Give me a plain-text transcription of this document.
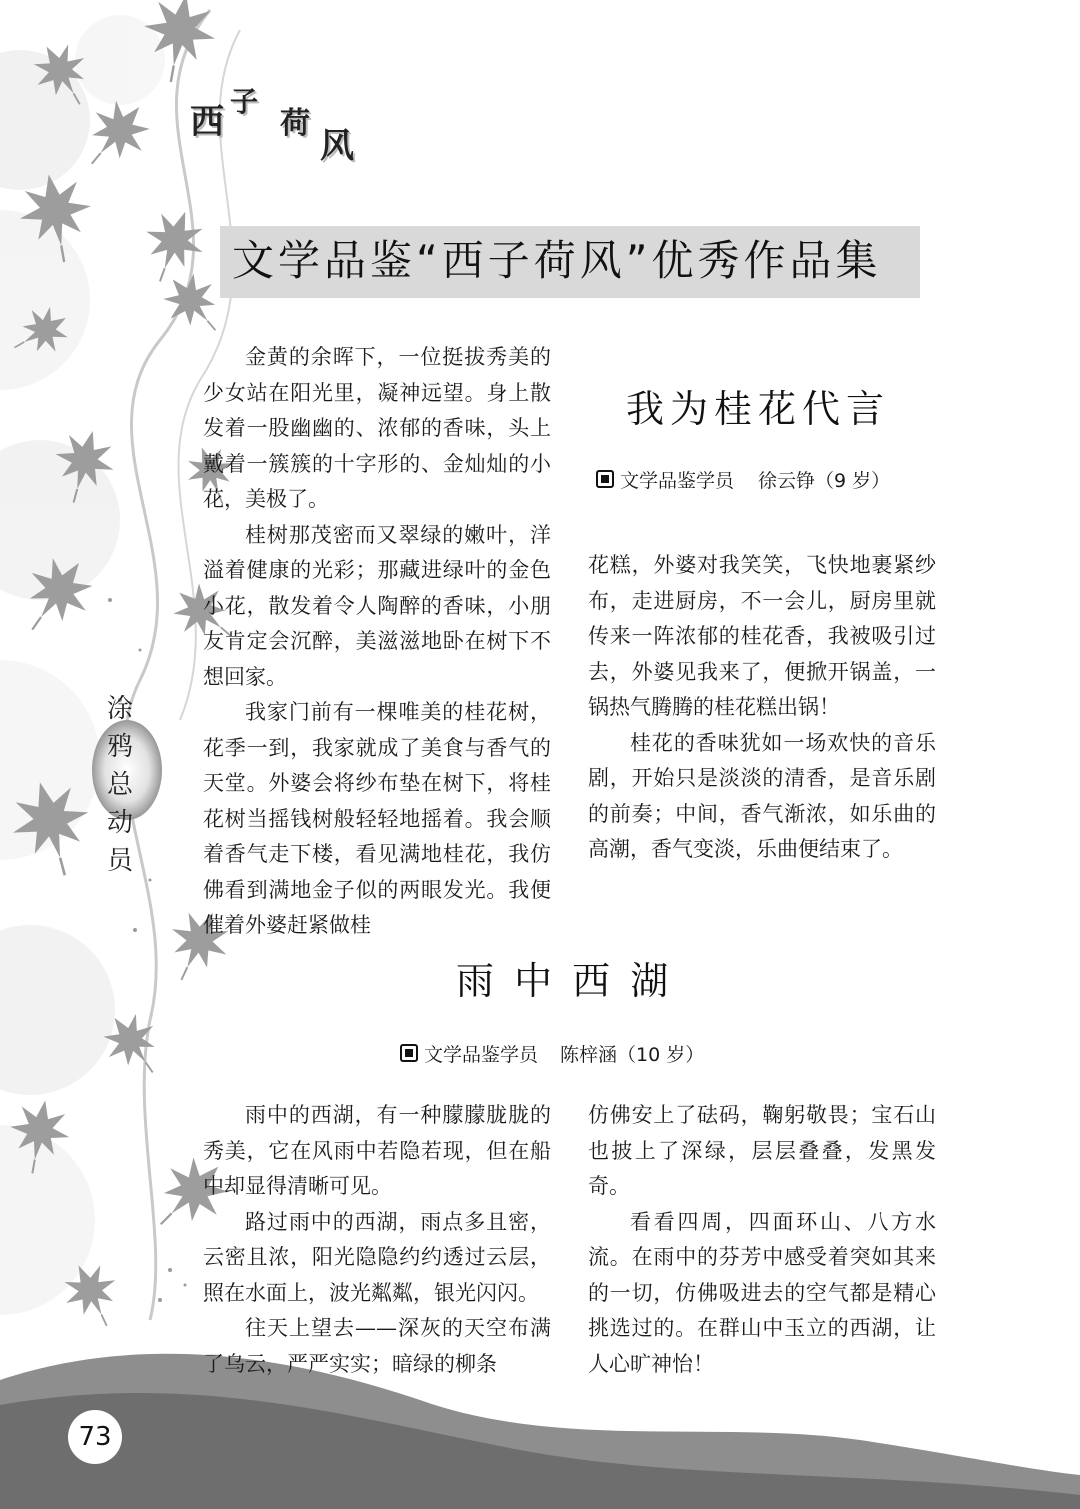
西
子
荷
风
文学品鉴“西子荷风”优秀作品集

金黄的余晖下，一位挺拔秀美的少女站在阳光里，凝神远望。身上散发着一股幽幽的、浓郁的香味，头上戴着一簇簇的十字形的、金灿灿的小花，美极了。

桂树那茂密而又翠绿的嫩叶，洋溢着健康的光彩；那藏进绿叶的金色小花，散发着令人陶醉的香味，小朋友肯定会沉醉，美滋滋地卧在树下不想回家。

我家门前有一棵唯美的桂花树，花季一到，我家就成了美食与香气的天堂。外婆会将纱布垫在树下，将桂花树当摇钱树般轻轻地摇着。我会顺着香气走下楼，看见满地桂花，我仿佛看到满地金子似的两眼发光。我便催着外婆赶紧做桂

我为桂花代言
文学品鉴学员 徐云铮（9 岁）

花糕，外婆对我笑笑，飞快地裹紧纱布，走进厨房，不一会儿，厨房里就传来一阵浓郁的桂花香，我被吸引过去，外婆见我来了，便掀开锅盖，一锅热气腾腾的桂花糕出锅！

桂花的香味犹如一场欢快的音乐剧，开始只是淡淡的清香，是音乐剧的前奏；中间，香气渐浓，如乐曲的高潮，香气变淡，乐曲便结束了。

雨 中 西 湖
文学品鉴学员 陈梓涵（10 岁）

雨中的西湖，有一种朦朦胧胧的秀美，它在风雨中若隐若现，但在船中却显得清晰可见。

路过雨中的西湖，雨点多且密，云密且浓，阳光隐隐约约透过云层，照在水面上，波光粼粼，银光闪闪。

往天上望去——深灰的天空布满了乌云，严严实实；暗绿的柳条

仿佛安上了砝码，鞠躬敬畏；宝石山也披上了深绿，层层叠叠，发黑发奇。

看看四周，四面环山、八方水流。在雨中的芬芳中感受着突如其来的一切，仿佛吸进去的空气都是精心挑选过的。在群山中玉立的西湖，让人心旷神怡！

涂鸦总动员
73
